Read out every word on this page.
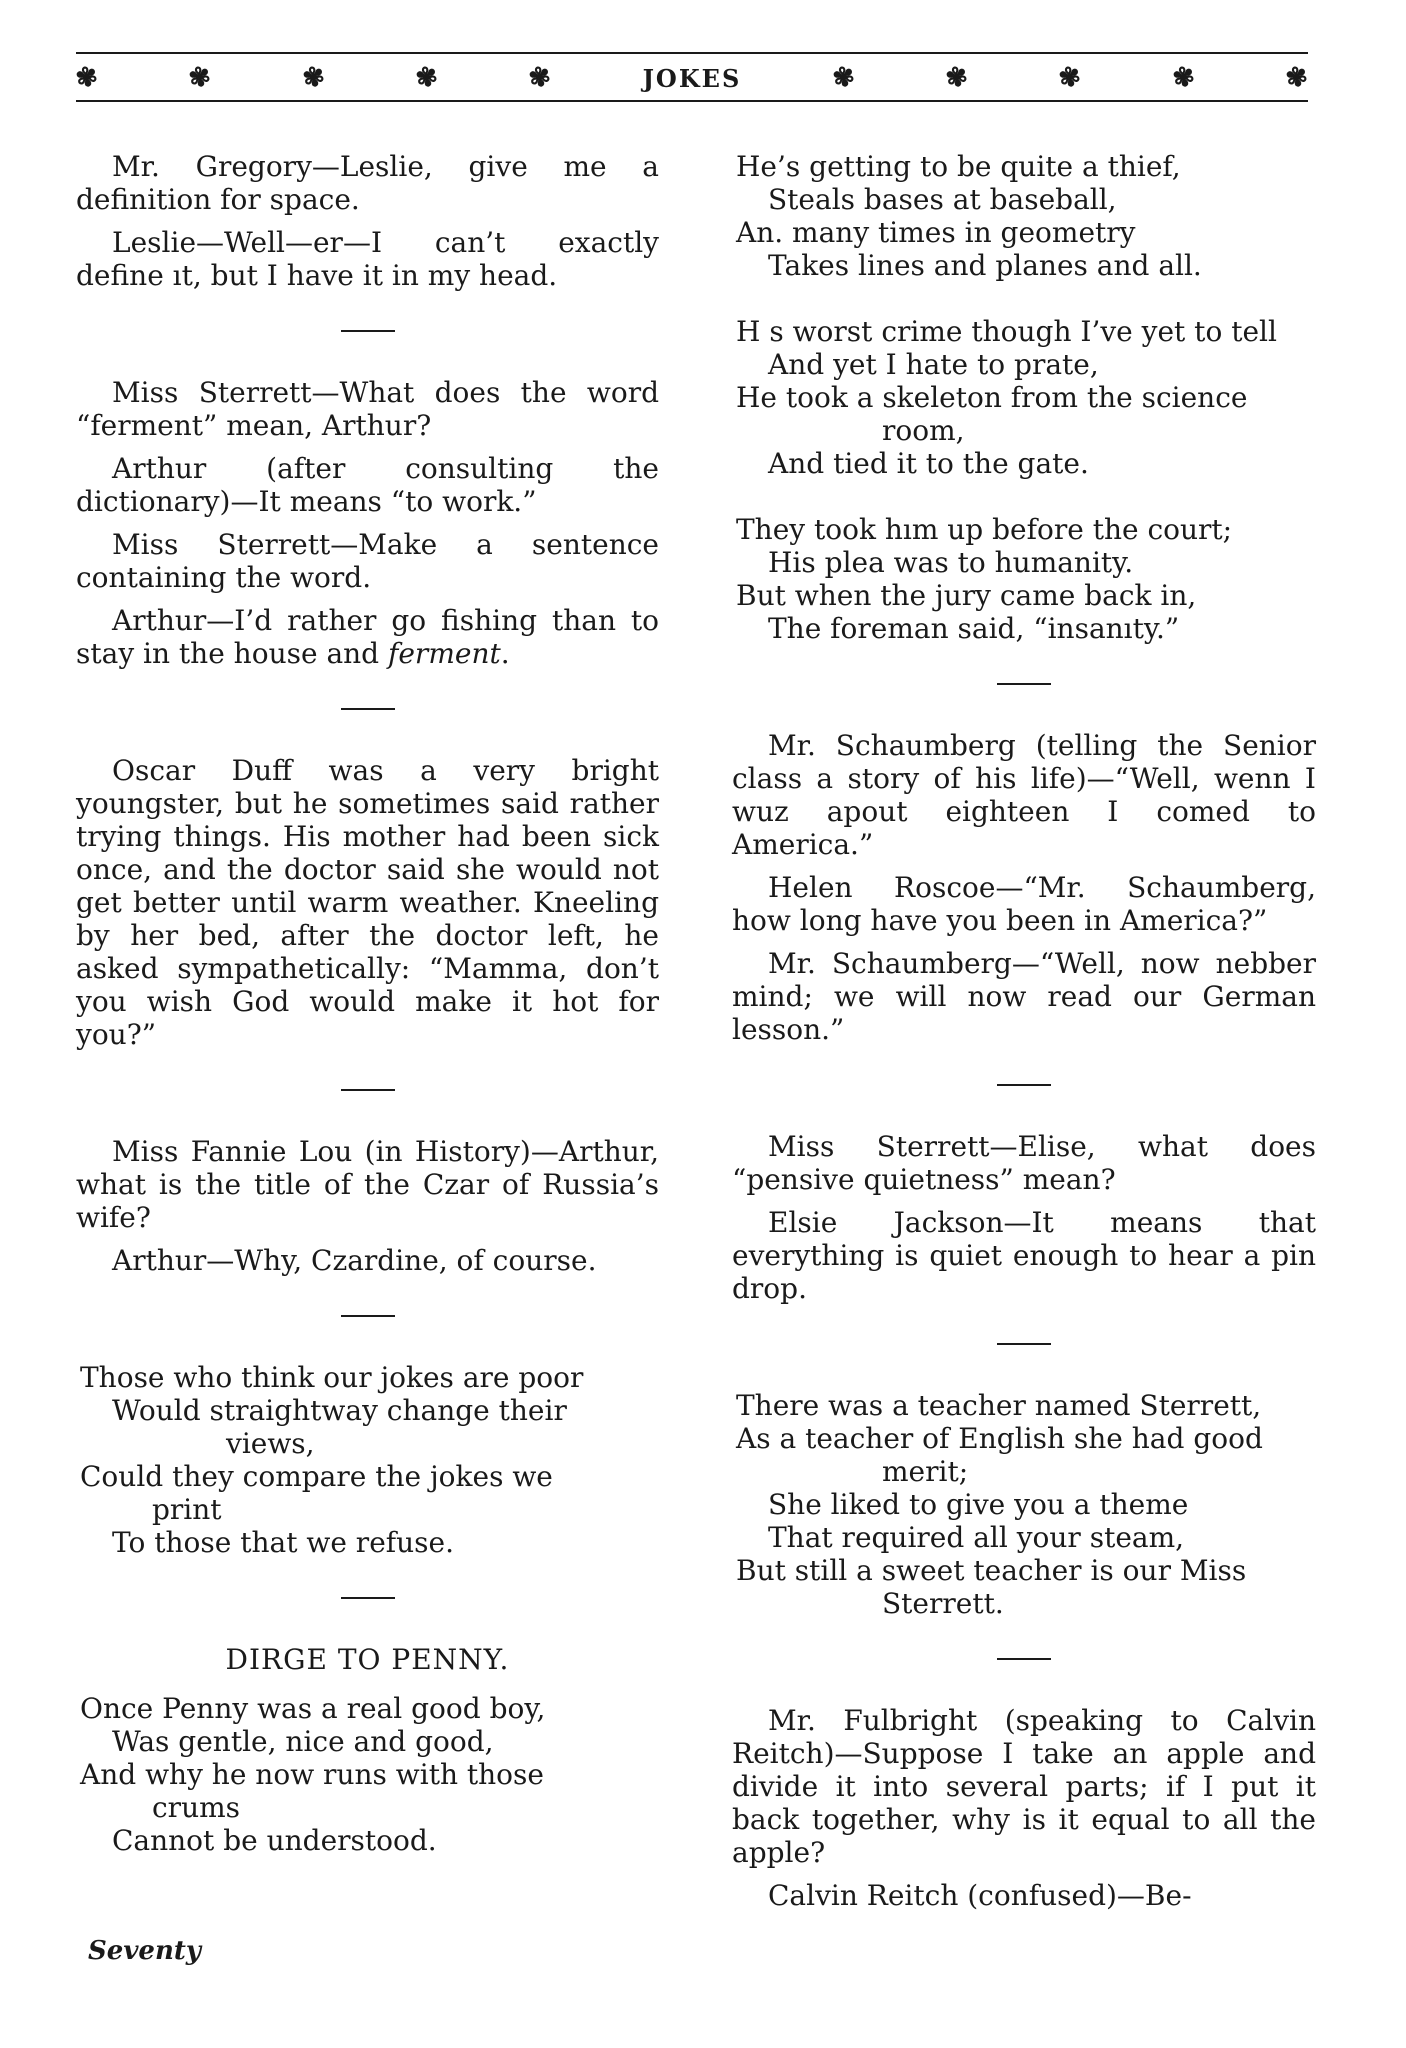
✾	✾	✾	✾	✾	JOKES	✾	✾	✾	✾	✾

Mr. Gregory—Leslie, give me a definition for space.

Leslie—Well—er—I can’t exactly define ıt, but I have it in my head.

Miss Sterrett—What does the word “ferment” mean, Arthur?

Arthur (after consulting the dictionary)—It means “to work.”

Miss Sterrett—Make a sentence containing the word.

Arthur—I’d rather go fishing than to stay in the house and ferment.

Oscar Duff was a very bright youngster, but he sometimes said rather trying things. His mother had been sick once, and the doctor said she would not get better until warm weather. Kneeling by her bed, after the doctor left, he asked sympathetically: “Mamma, don’t you wish God would make it hot for you?”

Miss Fannie Lou (in History)—Arthur, what is the title of the Czar of Russia’s wife?

Arthur—Why, Czardine, of course.

Those who think our jokes are poor
Would straightway change their
views,
Could they compare the jokes we
print
To those that we refuse.
DIRGE TO PENNY.
Once Penny was a real good boy,
Was gentle, nice and good,
And why he now runs with those
crums
Cannot be understood.
He’s getting to be quite a thief,
Steals bases at baseball,
An. many times in geometry
Takes lines and planes and all.
H s worst crime though I’ve yet to tell
And yet I hate to prate,
He took a skeleton from the science
room,
And tied it to the gate.
They took hım up before the court;
His plea was to humanity.
But when the jury came back in,
The foreman said, “insanıty.”

Mr. Schaumberg (telling the Senior class a story of his life)—“Well, wenn I wuz apout eighteen I comed to America.”

Helen Roscoe—“Mr. Schaumberg, how long have you been in America?”

Mr. Schaumberg—“Well, now nebber mind; we will now read our German lesson.”

Miss Sterrett—Elise, what does “pensive quietness” mean?

Elsie Jackson—It means that everything is quiet enough to hear a pin drop.

There was a teacher named Sterrett,
As a teacher of English she had good
merit;
She liked to give you a theme
That required all your steam,
But still a sweet teacher is our Miss
Sterrett.

Mr. Fulbright (speaking to Calvin Reitch)—Suppose I take an apple and divide it into several parts; if I put it back together, why is it equal to all the apple?

Calvin Reitch (confused)—Be-

Seventy
